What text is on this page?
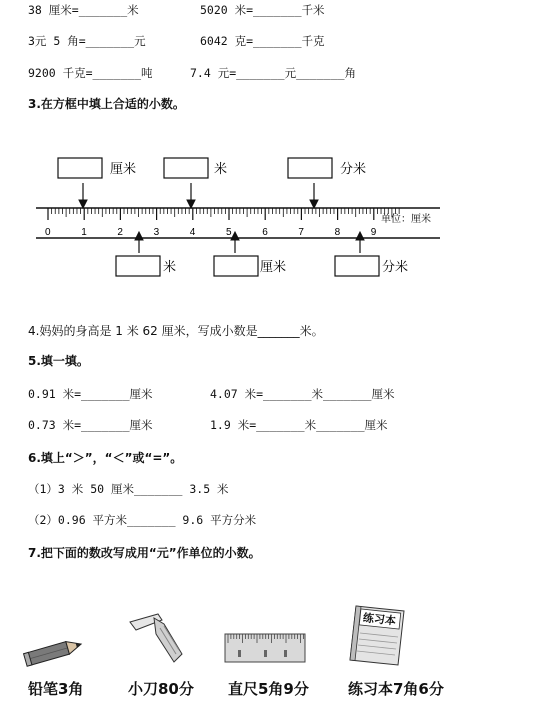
38 厘米=_______米	5020 米=_______千米
3元 5 角=_______元	6042 克=_______千克
9200 千克=_______吨	7.4 元=_______元_______角
3.在方框中填上合适的小数。
厘米	米	分米
0	1	2	3	4	5	6	7	8	9
单位：厘米
米	厘米	分米
4.妈妈的身高是 1 米 62 厘米，写成小数是_______米。
5.填一填。
0.91 米=_______厘米	4.07 米=_______米_______厘米
0.73 米=_______厘米	1.9 米=_______米_______厘米
6.填上“＞”，“＜”或“=”。
（1）3 米 50 厘米_______ 3.5 米
（2）0.96 平方米_______ 9.6 平方分米
7.把下面的数改写成用“元”作单位的小数。
铅笔3角	小刀80分 直尺5角9分
练习本
练习本7角6分
